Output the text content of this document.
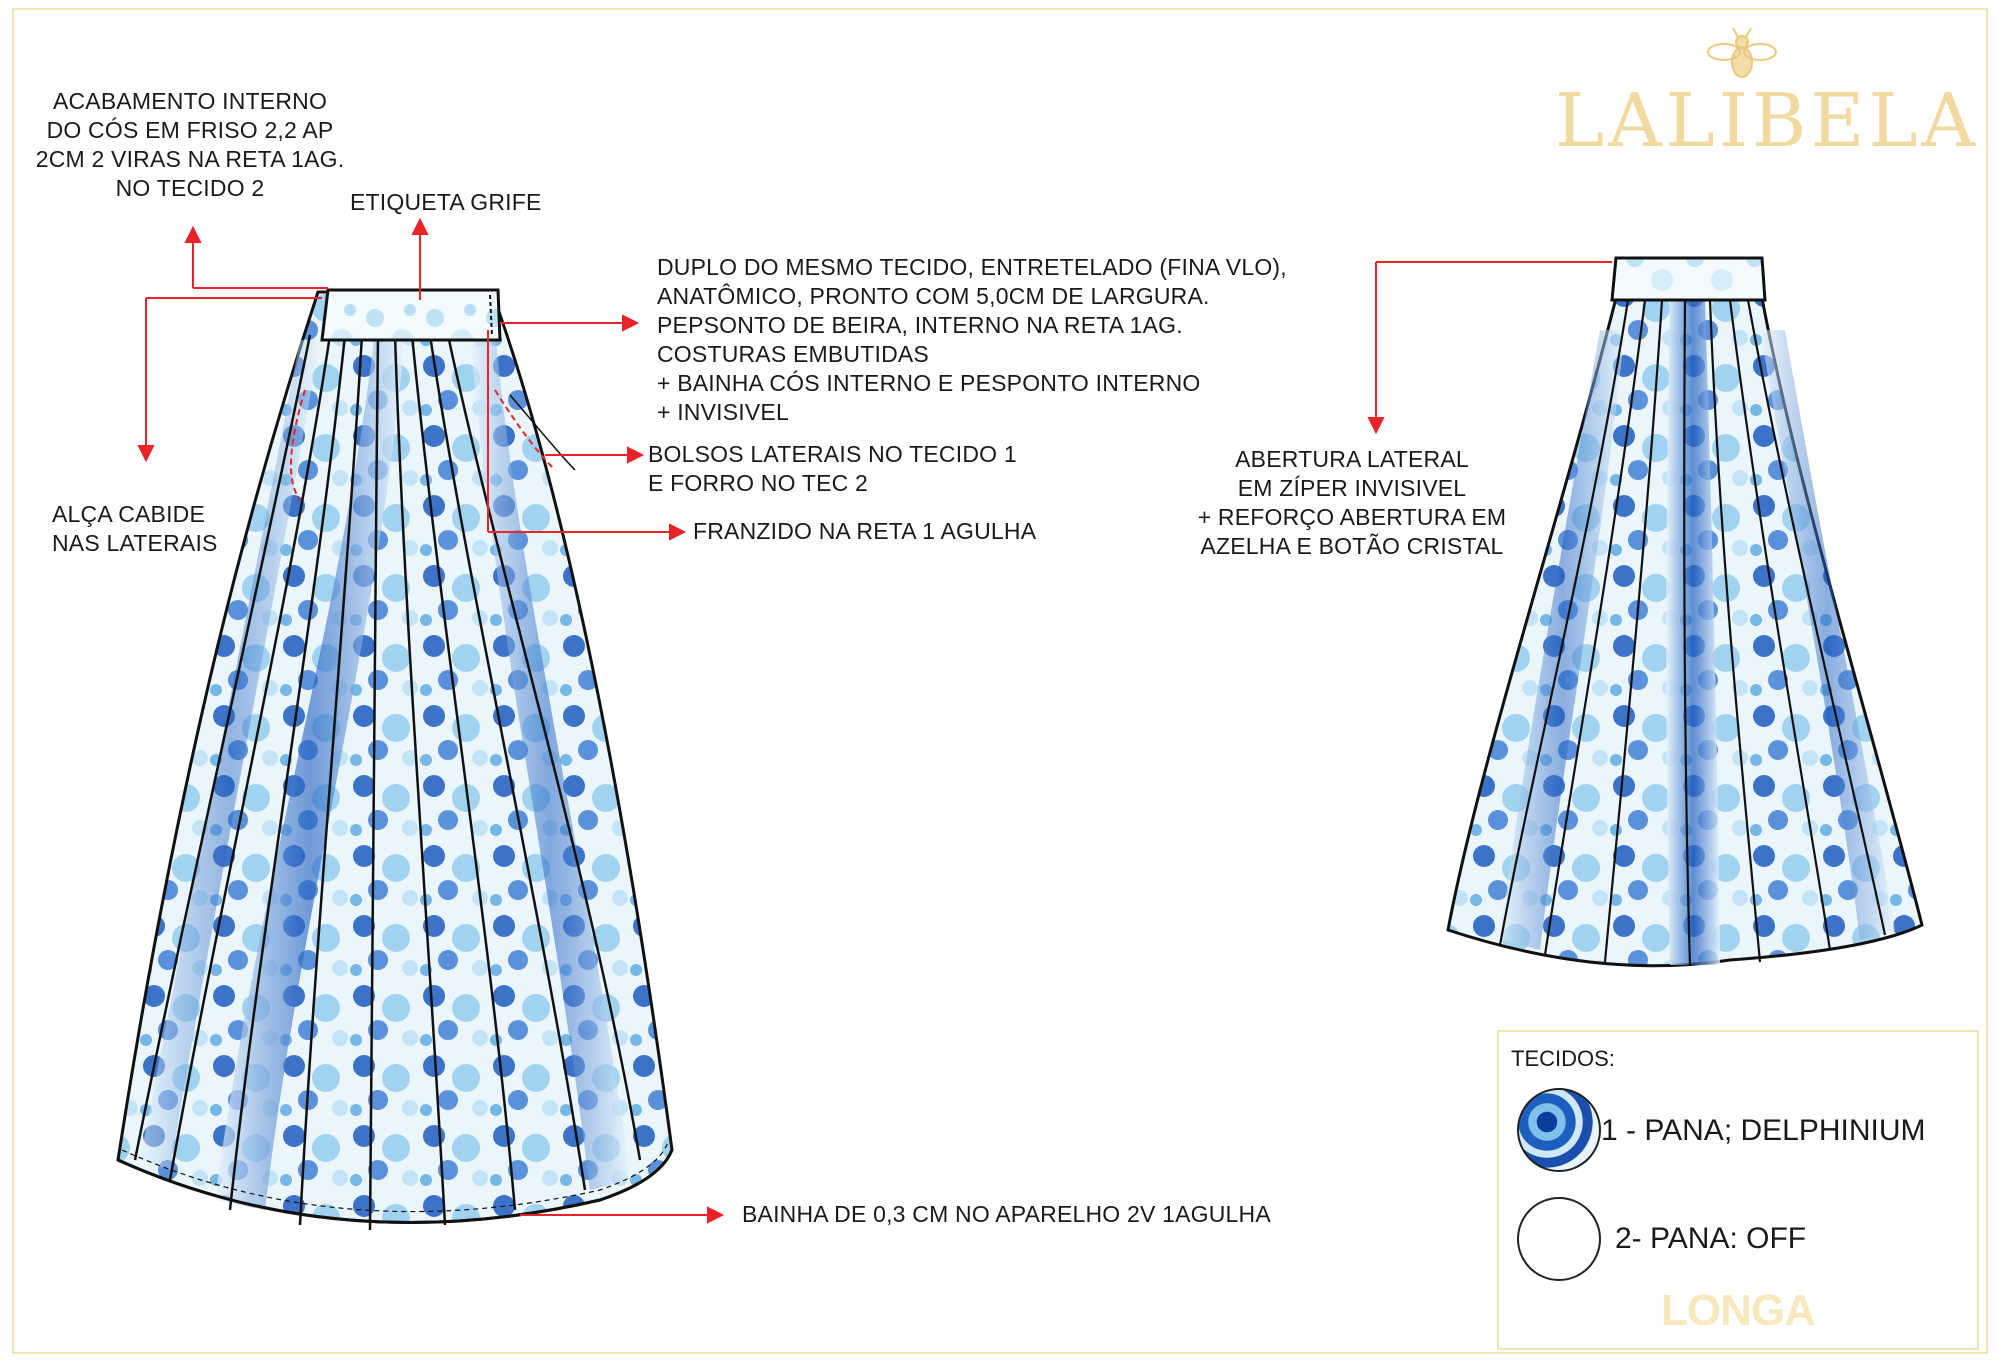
LALIBELA
ACABAMENTO INTERNO
DO CÓS EM FRISO 2,2 AP
2CM 2 VIRAS NA RETA 1AG.
NO TECIDO 2
ETIQUETA GRIFE
DUPLO DO MESMO TECIDO, ENTRETELADO (FINA VLO),
ANATÔMICO, PRONTO COM 5,0CM DE LARGURA.
PEPSONTO DE BEIRA, INTERNO NA RETA 1AG.
COSTURAS EMBUTIDAS
+ BAINHA CÓS INTERNO E PESPONTO INTERNO
+ INVISIVEL
BOLSOS LATERAIS NO TECIDO 1
E FORRO NO TEC 2
ALÇA CABIDE
NAS LATERAIS	FRANZIDO NA RETA 1 AGULHA
BAINHA DE 0,3 CM NO APARELHO 2V 1AGULHA
ABERTURA LATERAL
EM ZÍPER INVISIVEL
+ REFORÇO ABERTURA EM
AZELHA E BOTÃO CRISTAL
TECIDOS:
1 - PANA; DELPHINIUM
2- PANA: OFF
LONGA
